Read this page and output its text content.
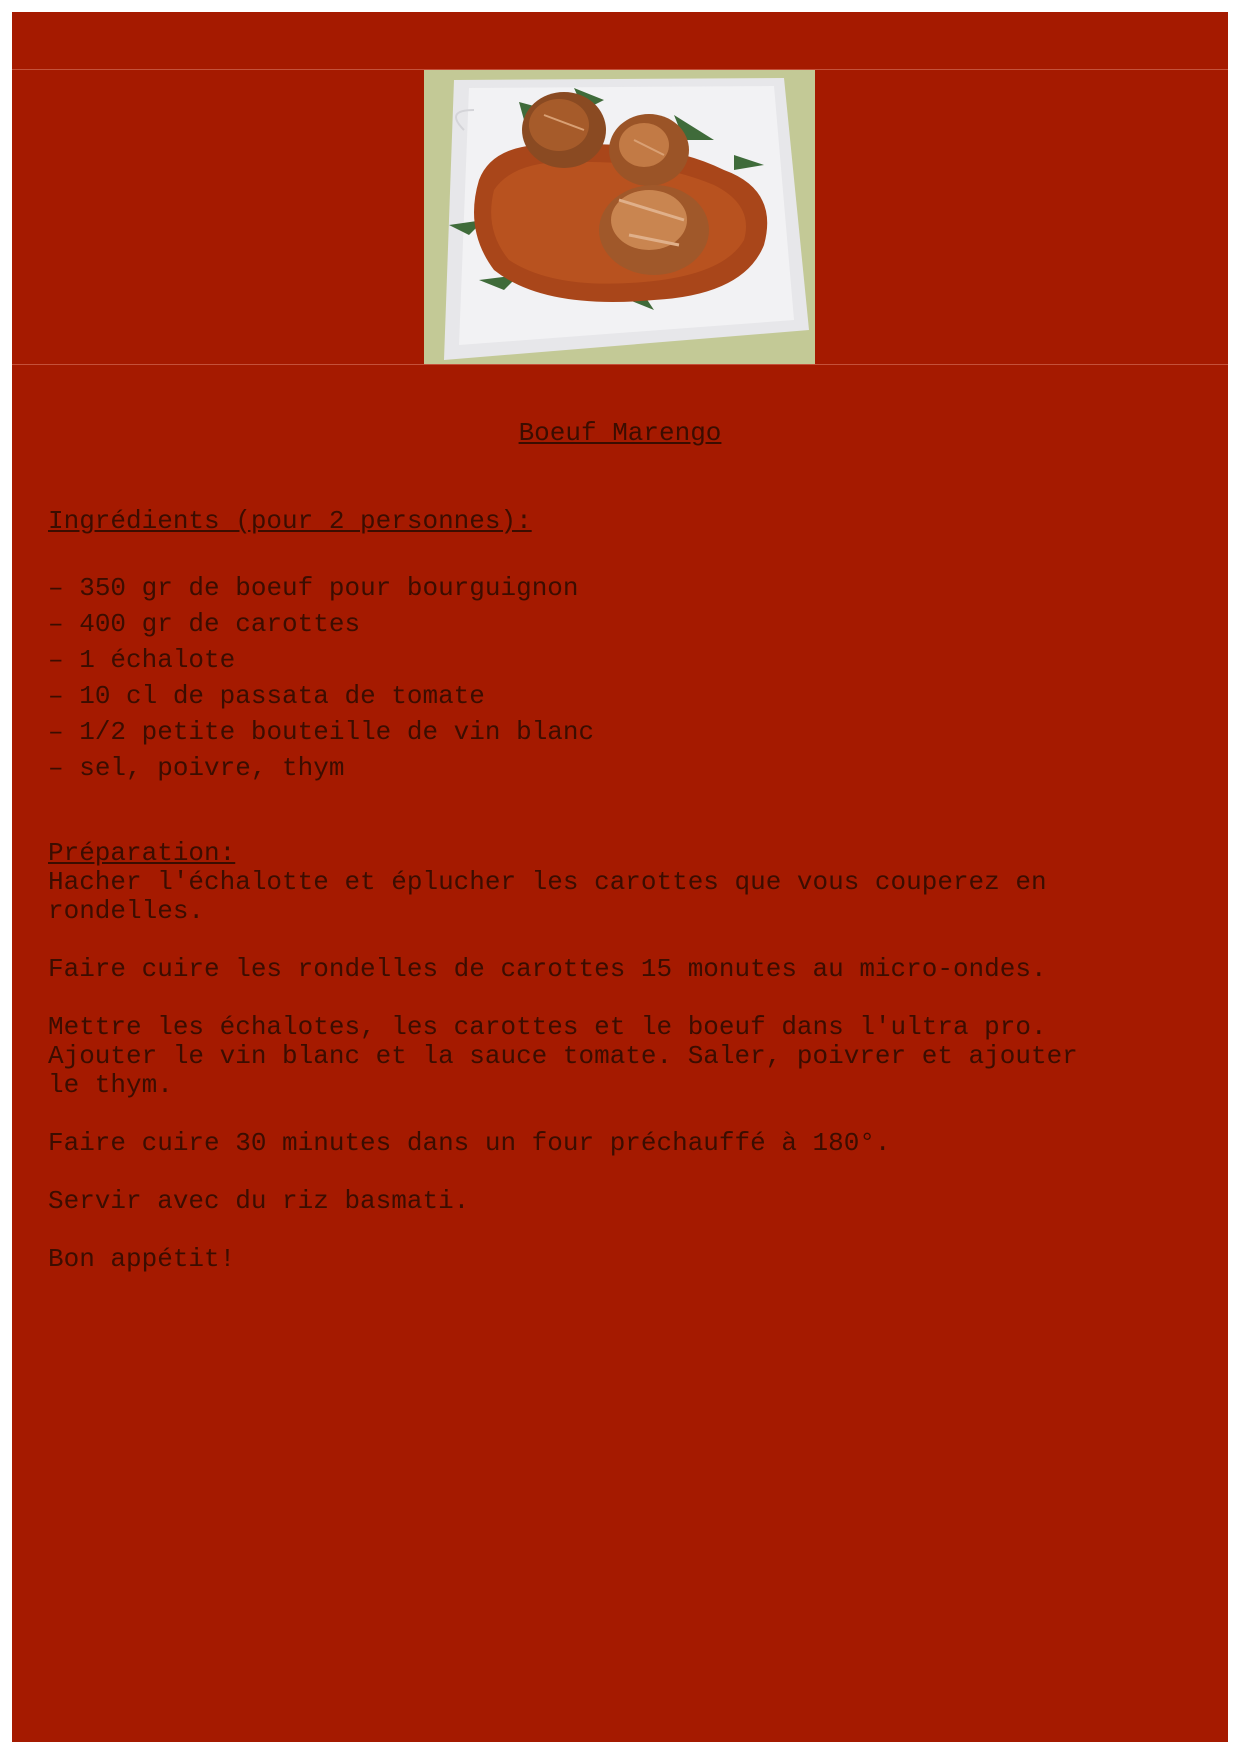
Boeuf Marengo
Ingrédients (pour 2 personnes):
– 350 gr de boeuf pour bourguignon
– 400 gr de carottes
– 1 échalote
– 10 cl de passata de tomate
– 1/2 petite bouteille de vin blanc
– sel, poivre, thym
Préparation:

Hacher l'échalotte et éplucher les carottes que vous couperez en
rondelles.

Faire cuire les rondelles de carottes 15 monutes au micro-ondes.

Mettre les échalotes, les carottes et le boeuf dans l'ultra pro.
Ajouter le vin blanc et la sauce tomate. Saler, poivrer et ajouter
le thym.

Faire cuire 30 minutes dans un four préchauffé à 180°.

Servir avec du riz basmati.

Bon appétit!
